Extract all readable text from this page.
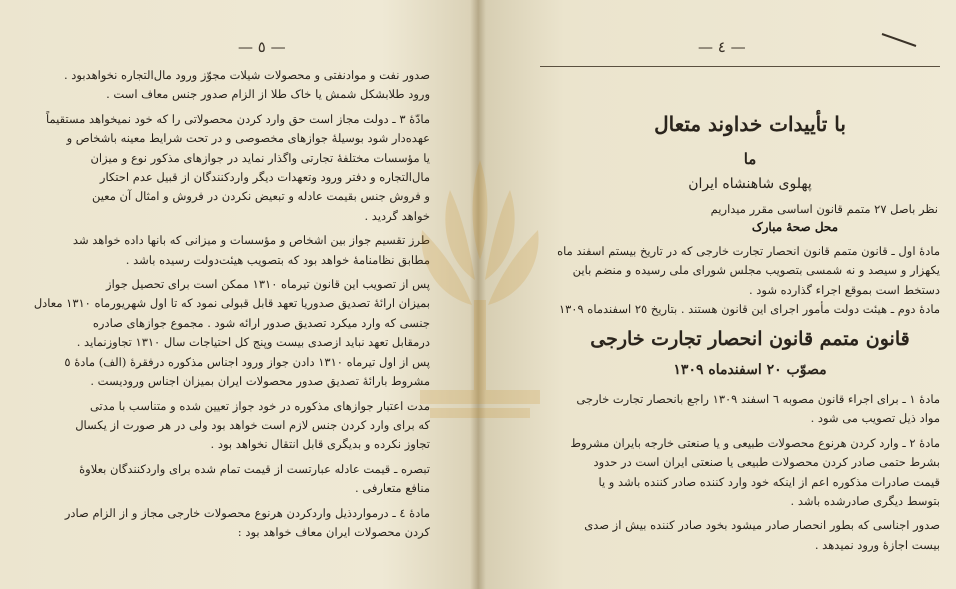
— ٥ —
صدور نفت و موادنفتی و محصولات شیلات مجوّز ورود مال‌التجاره نخواهدبود .
ورود طلابشکل شمش یا خاک طلا از الزام صدور جنس معاف است .
مادّهٔ ۳ ـ دولت مجاز است حق وارد کردن محصولاتی را که خود نمیخواهد مستقیماً
عهده‌دار شود بوسیلهٔ جوازهای مخصوصی و در تحت شرایط معینه باشخاص و
یا مؤسسات مختلفهٔ تجارتی واگذار نماید در جوازهای مذکور نوع و میزان
مال‌التجاره و دفتر ورود وتعهدات دیگر واردکنندگان از قبیل عدم احتکار
و فروش جنس بقیمت عادله و تبعیض نکردن در فروش و امثال آن معین
خواهد گردید .
طرز تقسیم جواز بین اشخاص و مؤسسات و میزانی که بانها داده خواهد شد
مطابق نظامنامهٔ خواهد بود که بتصویب هیئت‌دولت رسیده باشد .
پس از تصویب این قانون تیرماه ۱۳۱۰ ممکن است برای تحصیل جواز
بمیزان ارائهٔ تصدیق صدوریا تعهد قابل قبولی نمود که تا اول شهریورماه ۱۳۱۰ معادل
جنسی که وارد میکرد تصدیق صدور ارائه شود . مجموع جوازهای صادره
درمقابل تعهد نباید ازصدی بیست وپنج کل احتیاجات سال ۱۳۱۰ تجاوزنماید .
پس از اول تیرماه ۱۳۱۰ دادن جواز ورود اجناس مذکوره درفقرهٔ (الف) مادهٔ ٥
مشروط بارائهٔ تصدیق صدور محصولات ایران بمیزان اجناس ورودیست .
مدت اعتبار جوازهای مذکوره در خود جواز تعیین شده و متناسب با مدتی
که برای وارد کردن جنس لازم است خواهد بود ولی در هر صورت از یکسال
تجاوز نکرده و بدیگری قابل انتقال نخواهد بود .
تبصره ـ قیمت عادله عبارتست از قیمت تمام شده برای واردکنندگان بعلاوهٔ
منافع متعارفی .
مادهٔ ٤ ـ درمواردذیل واردکردن هرنوع محصولات خارجی مجاز و از الزام صادر
کردن محصولات ایران معاف خواهد بود :
— ٤ —
با تأییدات خداوند متعال
ما
پهلوی شاهنشاه ایران
نظر باصل ۲۷ متمم قانون اساسی مقرر میداریم
محل صحهٔ مبارک
مادهٔ اول ـ قانون متمم قانون انحصار تجارت خارجی که در تاریخ بیستم اسفند ماه
یکهزار و سیصد و نه شمسی بتصویب مجلس شورای ملی رسیده و منضم باین
دستخط است بموقع اجراء گذارده شود .
مادهٔ دوم ـ هیئت دولت مأمور اجرای این قانون هستند . بتاریخ ۲٥ اسفندماه ۱۳۰۹
قانون متمم قانون انحصار تجارت خارجی
مصوّب ۲۰ اسفندماه ۱۳۰۹
مادهٔ ۱ ـ برای اجراء قانون مصوبه ٦ اسفند ۱۳۰۹ راجع بانحصار تجارت خارجی
مواد ذیل تصویب می شود .
مادهٔ ۲ ـ وارد کردن هرنوع محصولات طبیعی و یا صنعتی خارجه بایران مشروط
بشرط حتمی صادر کردن محصولات طبیعی یا صنعتی ایران است در حدود
قیمت صادرات مذکوره اعم از اینکه خود وارد کننده صادر کننده باشد و یا
بتوسط دیگری صادرشده باشد .
صدور اجناسی که بطور انحصار صادر میشود بخود صادر کننده بیش از صدی
بیست اجازهٔ ورود نمیدهد .
